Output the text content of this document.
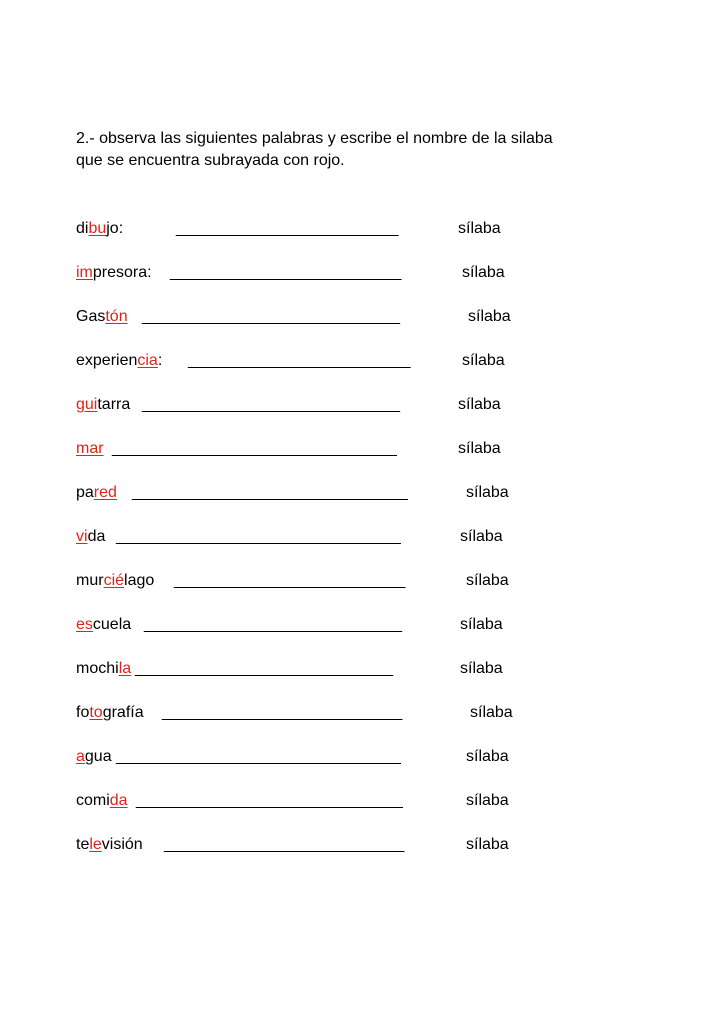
2.- observa las siguientes palabras y escribe el nombre de la silaba
que se encuentra subrayada con rojo.

dibujo:	_________________________	sílaba
impresora: __________________________	sílaba
Gastón _____________________________	sílaba
experiencia: _________________________	sílaba
guitarra _____________________________	sílaba
mar ________________________________	sílaba
pared _______________________________	sílaba
vida ________________________________	sílaba
murciélago __________________________	sílaba
escuela _____________________________	sílaba
mochila _____________________________	sílaba
fotografía ___________________________	sílaba
agua ________________________________	sílaba
comida ______________________________	sílaba
televisión ___________________________	sílaba
